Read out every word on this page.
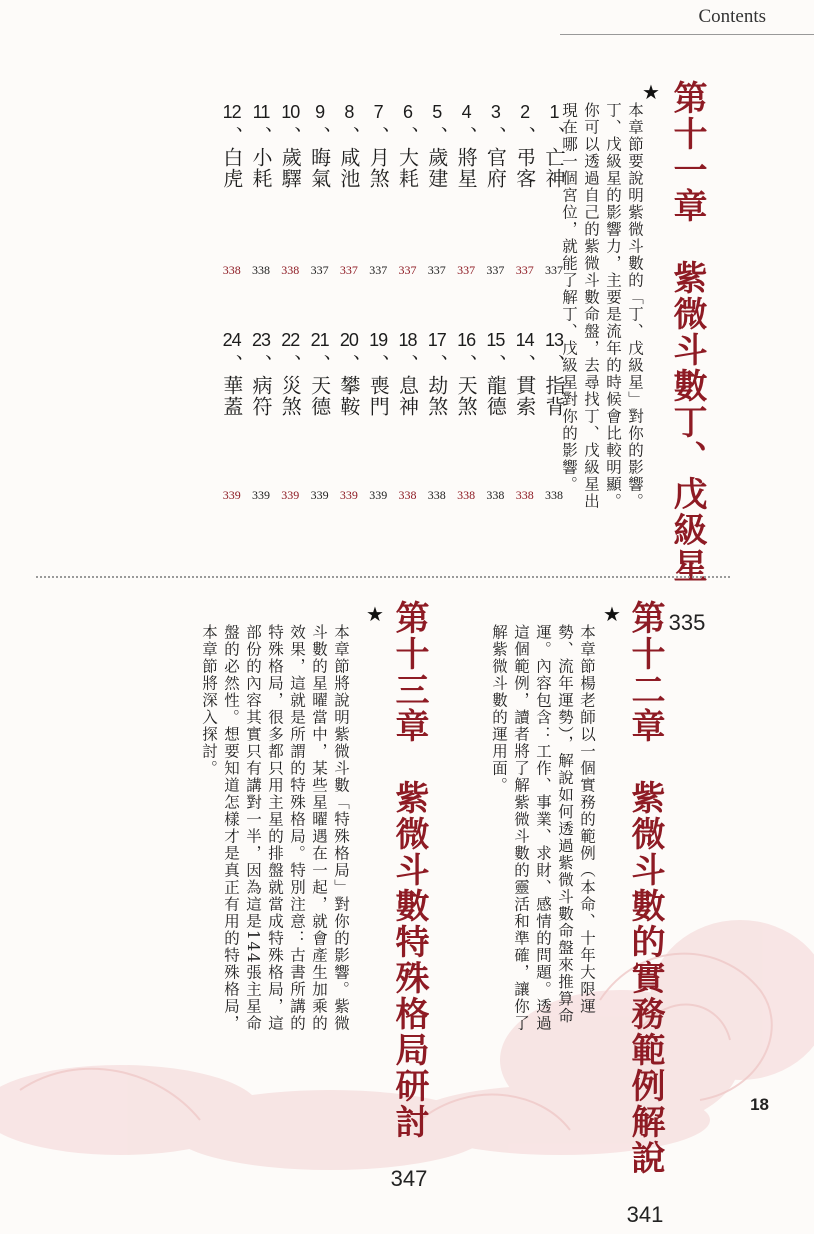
Contents
第十一章　紫微斗數丁、戊級星 335
★
本章節要說明紫微斗數的「丁、戊級星」對你的影響。
丁、戊級星的影響力，主要是流年的時候會比較明顯。
你可以透過自己的紫微斗數命盤，去尋找丁、戊級星出
現在哪一個宮位，就能了解丁、戊級星對你的影響。
1、亡神
337
2、弔客
337
3、官府
337
4、將星
337
5、歲建
337
6、大耗
337
7、月煞
337
8、咸池
337
9、晦氣
337
10、歲驛
338
11、小耗
338
12、白虎
338
13、指背
338
14、貫索
338
15、龍德
338
16、天煞
338
17、劫煞
338
18、息神
338
19、喪門
339
20、攀鞍
339
21、天德
339
22、災煞
339
23、病符
339
24、華蓋
339
第十二章　紫微斗數的實務範例解說 341
★
本章節楊老師以一個實務的範例（本命、十年大限運
勢、流年運勢），解說如何透過紫微斗數命盤來推算命
運。內容包含：工作、事業、求財、感情的問題。透過
這個範例，讀者將了解紫微斗數的靈活和準確，讓你了
解紫微斗數的運用面。
第十三章　紫微斗數特殊格局研討 347
★
本章節將說明紫微斗數「特殊格局」對你的影響。紫微
斗數的星曜當中，某些星曜遇在一起，就會產生加乘的
效果，這就是所謂的特殊格局。特別注意：古書所講的
特殊格局，很多都只用主星的排盤就當成特殊格局，這
部份的內容其實只有講對一半，因為這是144張主星命
盤的必然性。想要知道怎樣才是真正有用的特殊格局，
本章節將深入探討。
18
